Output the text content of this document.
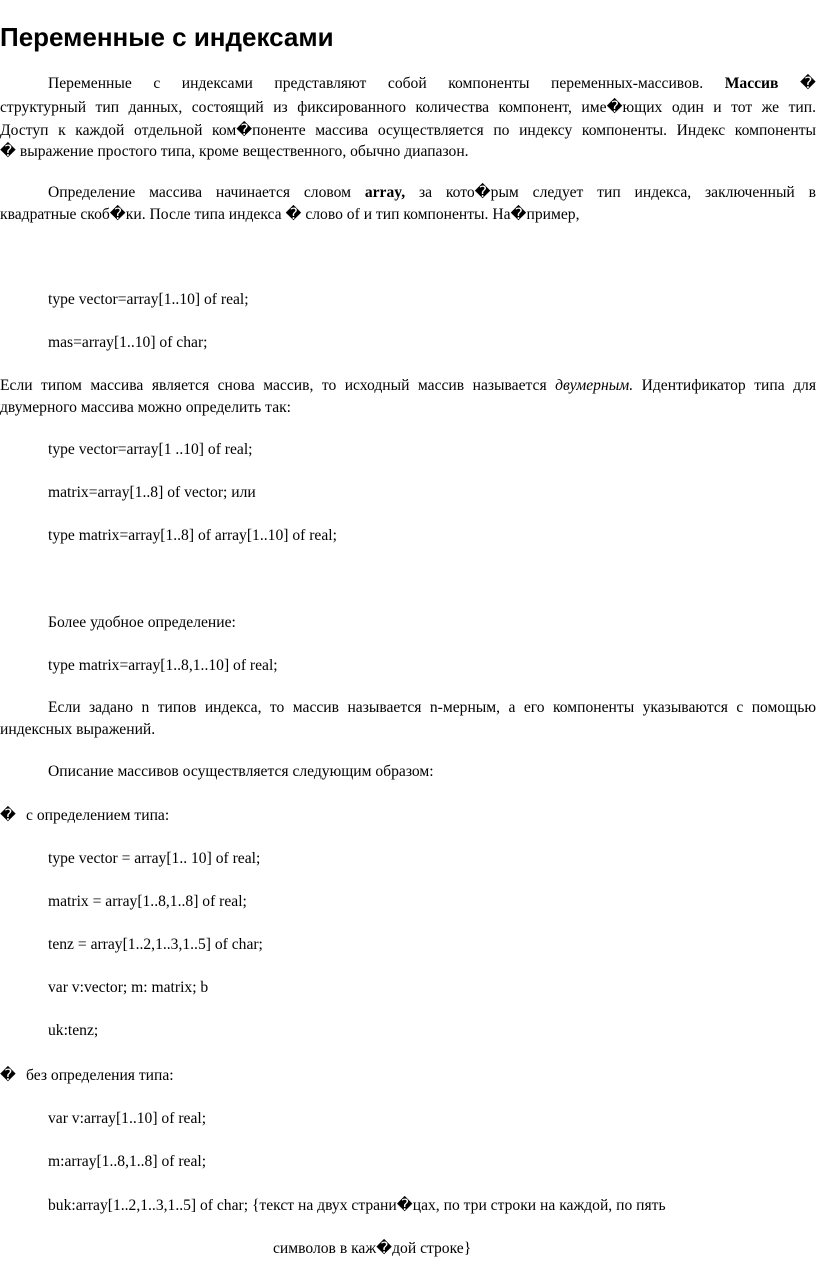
Переменные с индексами
Переменные с индексами представляют собой компоненты переменных-массивов. Массив �
структурный тип данных, состоящий из фиксированного количества компонент, име�ющих один и тот же тип.
Доступ к каждой отдельной ком�поненте массива осуществляется по индексу компоненты. Индекс компоненты
� выражение простого типа, кроме вещественного, обычно диапазон.
Определение массива начинается словом array, за кото�рым следует тип индекса, заключенный в
квадратные скоб�ки. После типа индекса � слово of и тип компоненты. На�пример,
type vector=array[1..10] of real;
mas=array[1..10] of char;
Если типом массива является снова массив, то исходный массив называется двумерным. Идентификатор типа для
двумерного массива можно определить так:
type vector=array[1 ..10] of real;
matrix=array[1..8] of vector; или
type matrix=array[1..8] of array[1..10] of real;
Более удобное определение:
type matrix=array[1..8,1..10] of real;
Если задано n типов индекса, то массив называется n-мерным, а его компоненты указываются с помощью
индексных выражений.
Описание массивов осуществляется следующим образом:
� с определением типа:
type vector = array[1.. 10] of real;
matrix = array[1..8,1..8] of real;
tenz = array[1..2,1..3,1..5] of char;
var v:vector; m: matrix; b
uk:tenz;
� без определения типа:
var v:array[1..10] of real;
m:array[1..8,1..8] of real;
buk:array[1..2,1..3,1..5] of char; {текст на двух страни�цах, по три строки на каждой, по пять
символов в каж�дой строке}
